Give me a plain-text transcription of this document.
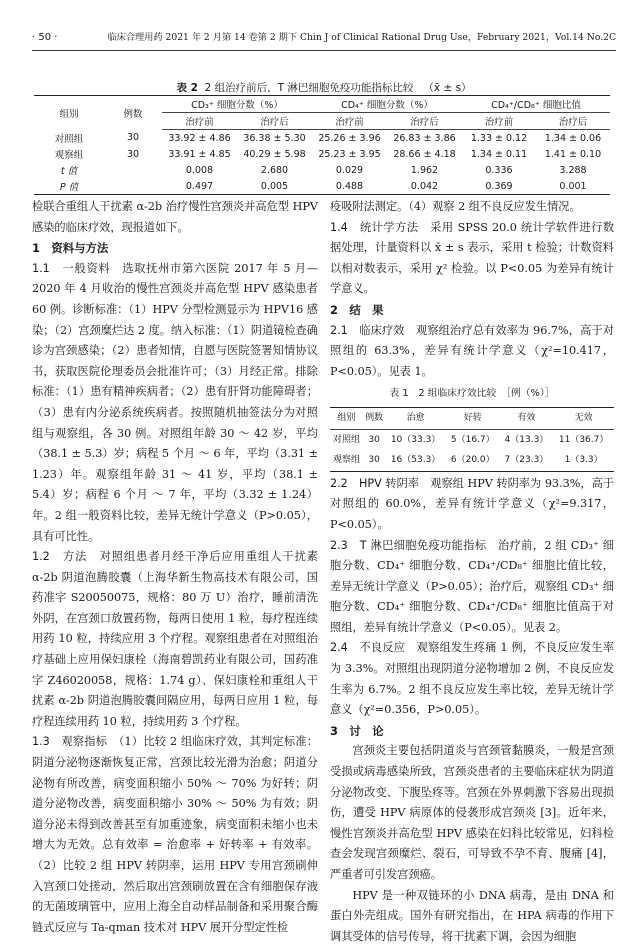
· 50 ·	临床合理用药 2021 年 2 月第 14 卷第 2 期下 Chin J of Clinical Rational Drug Use，February 2021，Vol.14 No.2C
表 2 2 组治疗前后，T 淋巴细胞免疫功能指标比较 （x̄ ± s）
组别	例数	CD₃⁺ 细胞分数（%）		CD₄⁺ 细胞分数（%）		CD₄⁺/CD₈⁺ 细胞比值	
		治疗前	治疗后	治疗前	治疗后	治疗前	治疗后
对照组	30	33.92 ± 4.86	36.38 ± 5.30	25.26 ± 3.96	26.83 ± 3.86	1.33 ± 0.12	1.34 ± 0.06
观察组	30	33.91 ± 4.85	40.29 ± 5.98	25.23 ± 3.95	28.66 ± 4.18	1.34 ± 0.11	1.41 ± 0.10
t 值		0.008	2.680	0.029	1.962	0.336	3.288
P 值		0.497	0.005	0.488	0.042	0.369	0.001

检联合重组人干扰素 α-2b 治疗慢性宫颈炎并高危型 HPV 感染的临床疗效，现报道如下。

1　资料与方法

1.1　一般资料　选取抚州市第六医院 2017 年 5 月—2020 年 4 月收治的慢性宫颈炎并高危型 HPV 感染患者 60 例。诊断标准：（1）HPV 分型检测显示为 HPV16 感染；（2）宫颈糜烂达 2 度。纳入标准：（1）阴道镜检查确诊为宫颈感染；（2）患者知情，自愿与医院签署知情协议书，获取医院伦理委员会批准许可；（3）月经正常。排除标准：（1）患有精神疾病者；（2）患有肝肾功能障碍者；（3）患有内分泌系统疾病者。按照随机抽签法分为对照组与观察组，各 30 例。对照组年龄 30 ～ 42 岁，平均（38.1 ± 5.3）岁；病程 5 个月 ～ 6 年，平均（3.31 ± 1.23）年。观察组年龄 31 ～ 41 岁，平均（38.1 ± 5.4）岁；病程 6 个月 ～ 7 年，平均（3.32 ± 1.24）年。2 组一般资料比较，差异无统计学意义（P>0.05），具有可比性。

1.2　方法　对照组患者月经干净后应用重组人干扰素 α-2b 阴道泡腾胶囊（上海华新生物高技术有限公司，国药准字 S20050075，规格：80 万 U）治疗，睡前清洗外阴，在宫颈口放置药物，每两日使用 1 粒，每疗程连续用药 10 粒，持续应用 3 个疗程。观察组患者在对照组治疗基础上应用保妇康栓（海南碧凯药业有限公司，国药准字 Z46020058，规格：1.74 g）、保妇康栓和重组人干扰素 α-2b 阴道泡腾胶囊间隔应用，每两日应用 1 粒，每疗程连续用药 10 粒，持续用药 3 个疗程。

1.3　观察指标　（1）比较 2 组临床疗效，其判定标准：阴道分泌物逐渐恢复正常，宫颈比较光滑为治愈；阴道分泌物有所改善，病变面积缩小 50% ～ 70% 为好转；阴道分泌物改善，病变面积缩小 30% ～ 50% 为有效；阴道分泌未得到改善甚至有加重迹象，病变面积未缩小也未增大为无效。总有效率 = 治愈率 + 好转率 + 有效率。（2）比较 2 组 HPV 转阴率，运用 HPV 专用宫颈刷伸入宫颈口处搓动，然后取出宫颈刷放置在含有细胞保存液的无菌玻璃管中，应用上海全自动样品制备和采用聚合酶链式反应与 Ta-qman 技术对 HPV 展开分型定性检

疫吸附法测定。（4）观察 2 组不良反应发生情况。

1.4　统计学方法　采用 SPSS 20.0 统计学软件进行数据处理，计量资料以 x̄ ± s 表示，采用 t 检验；计数资料以相对数表示，采用 χ² 检验。以 P<0.05 为差异有统计学意义。

2　结　果

2.1　临床疗效　观察组治疗总有效率为 96.7%，高于对照组的 63.3%，差异有统计学意义（χ²=10.417，P<0.05）。见表 1。

表 1　2 组临床疗效比较　［例（%）］
组别	例数	治愈	好转	有效	无效
对照组	30	10（33.3）	5（16.7）	4（13.3）	11（36.7）
观察组	30	16（53.3）	6（20.0）	7（23.3）	1（3.3）

2.2　HPV 转阴率　观察组 HPV 转阴率为 93.3%，高于对照组的 60.0%，差异有统计学意义（χ²=9.317，P<0.05）。

2.3　T 淋巴细胞免疫功能指标　治疗前，2 组 CD₃⁺ 细胞分数、CD₄⁺ 细胞分数、CD₄⁺/CD₈⁺ 细胞比值比较，差异无统计学意义（P>0.05）；治疗后，观察组 CD₃⁺ 细胞分数、CD₄⁺ 细胞分数、CD₄⁺/CD₈⁺ 细胞比值高于对照组，差异有统计学意义（P<0.05）。见表 2。

2.4　不良反应　观察组发生疼痛 1 例，不良反应发生率为 3.3%。对照组出现阴道分泌物增加 2 例，不良反应发生率为 6.7%。2 组不良反应发生率比较，差异无统计学意义（χ²=0.356，P>0.05）。

3　讨　论

宫颈炎主要包括阴道炎与宫颈管黏膜炎，一般是宫颈受损或病毒感染所致，宫颈炎患者的主要临床症状为阴道分泌物改变、下腹坠疼等。宫颈在外界刺激下容易出现损伤，遭受 HPV 病原体的侵袭形成宫颈炎 [3]。近年来，慢性宫颈炎并高危型 HPV 感染在妇科比较常见，妇科检查会发现宫颈糜烂、裂石，可导致不孕不育、腹痛 [4]，严重者可引发宫颈癌。

HPV 是一种双链环的小 DNA 病毒，是由 DNA 和蛋白外壳组成。国外有研究指出，在 HPA 病毒的作用下调其受体的信号传导，将干扰素下调，会因为细胞
